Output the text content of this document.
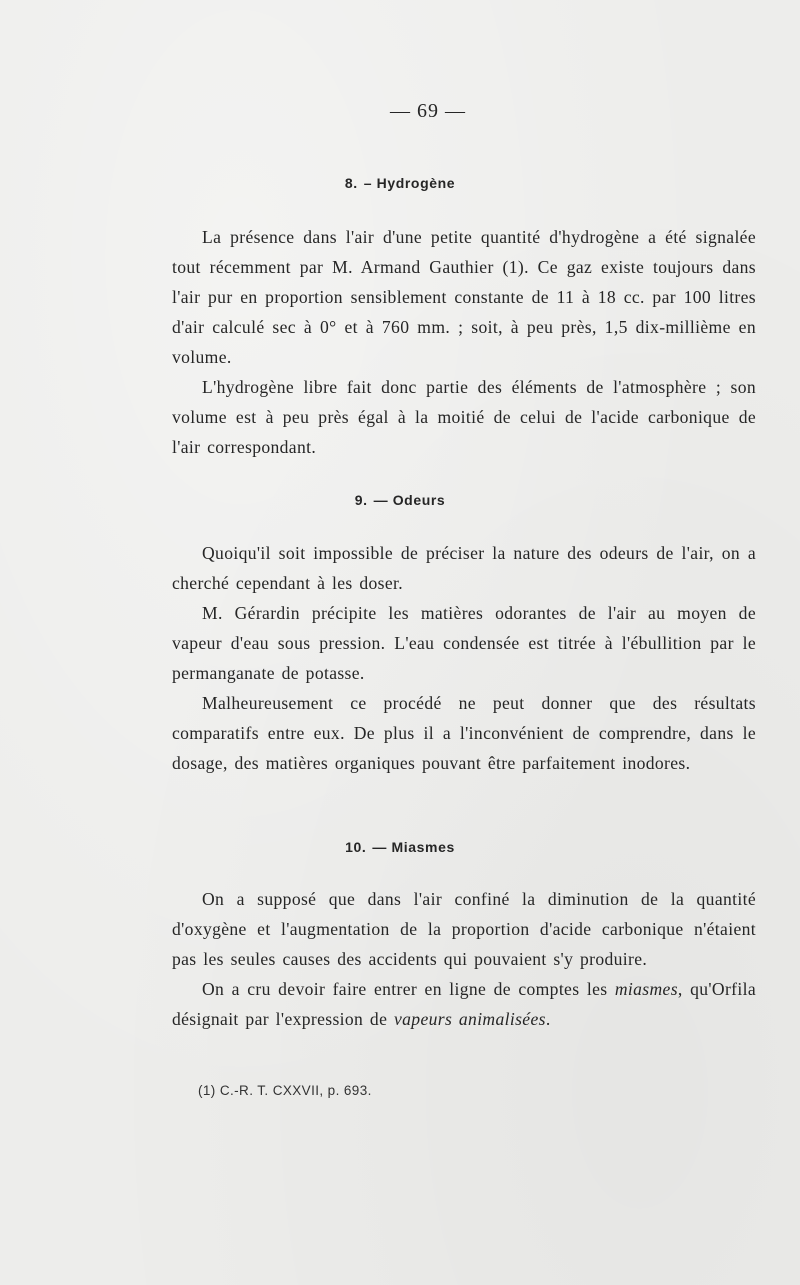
— 69 —
8. – Hydrogène

La présence dans l'air d'une petite quantité d'hydrogène a été signalée tout récemment par M. Armand Gauthier (1). Ce gaz existe toujours dans l'air pur en proportion sensiblement constante de 11 à 18 cc. par 100 litres d'air calculé sec à 0° et à 760 mm. ; soit, à peu près, 1,5 dix-millième en volume.

L'hydrogène libre fait donc partie des éléments de l'atmosphère ; son volume est à peu près égal à la moitié de celui de l'acide carbonique de l'air correspondant.

9. — Odeurs

Quoiqu'il soit impossible de préciser la nature des odeurs de l'air, on a cherché cependant à les doser.

M. Gérardin précipite les matières odorantes de l'air au moyen de vapeur d'eau sous pression. L'eau condensée est titrée à l'ébullition par le permanganate de potasse.

Malheureusement ce procédé ne peut donner que des résultats comparatifs entre eux. De plus il a l'inconvénient de comprendre, dans le dosage, des matières organiques pouvant être parfaitement inodores.

10. — Miasmes

On a supposé que dans l'air confiné la diminution de la quantité d'oxygène et l'augmentation de la proportion d'acide carbonique n'étaient pas les seules causes des accidents qui pouvaient s'y produire.

On a cru devoir faire entrer en ligne de comptes les miasmes, qu'Orfila désignait par l'expression de vapeurs animalisées.

(1) C.-R. T. CXXVII, p. 693.
